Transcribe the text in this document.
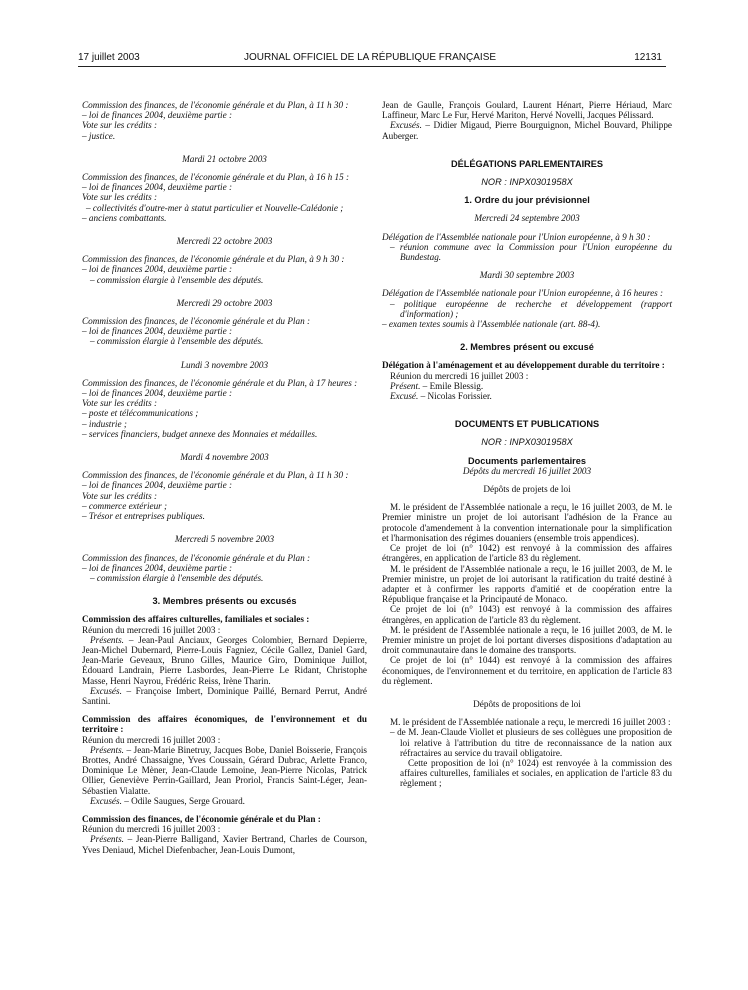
17 juillet 2003	JOURNAL OFFICIEL DE LA RÉPUBLIQUE FRANÇAISE	12131

Commission des finances, de l'économie générale et du Plan, à 11 h 30 :

– loi de finances 2004, deuxième partie :

Vote sur les crédits :

– justice.

Mardi 21 octobre 2003

Commission des finances, de l'économie générale et du Plan, à 16 h 15 :

– loi de finances 2004, deuxième partie :

Vote sur les crédits :

– collectivités d'outre-mer à statut particulier et Nouvelle-Calédonie ;

– anciens combattants.

Mercredi 22 octobre 2003

Commission des finances, de l'économie générale et du Plan, à 9 h 30 :

– loi de finances 2004, deuxième partie :

– commission élargie à l'ensemble des députés.

Mercredi 29 octobre 2003

Commission des finances, de l'économie générale et du Plan :

– loi de finances 2004, deuxième partie :

– commission élargie à l'ensemble des députés.

Lundi 3 novembre 2003

Commission des finances, de l'économie générale et du Plan, à 17 heures :

– loi de finances 2004, deuxième partie :

Vote sur les crédits :

– poste et télécommunications ;

– industrie ;

– services financiers, budget annexe des Monnaies et médailles.

Mardi 4 novembre 2003

Commission des finances, de l'économie générale et du Plan, à 11 h 30 :

– loi de finances 2004, deuxième partie :

Vote sur les crédits :

– commerce extérieur ;

– Trésor et entreprises publiques.

Mercredi 5 novembre 2003

Commission des finances, de l'économie générale et du Plan :

– loi de finances 2004, deuxième partie :

– commission élargie à l'ensemble des députés.

3. Membres présents ou excusés

Commission des affaires culturelles, familiales et sociales :

Réunion du mercredi 16 juillet 2003 :

Présents. – Jean-Paul Anciaux, Georges Colombier, Bernard Depierre, Jean-Michel Dubernard, Pierre-Louis Fagniez, Cécile Gallez, Daniel Gard, Jean-Marie Geveaux, Bruno Gilles, Maurice Giro, Dominique Juillot, Édouard Landrain, Pierre Lasbordes, Jean-Pierre Le Ridant, Christophe Masse, Henri Nayrou, Frédéric Reiss, Irène Tharin.

Excusés. – Françoise Imbert, Dominique Paillé, Bernard Perrut, André Santini.

Commission des affaires économiques, de l'environnement et du territoire :

Réunion du mercredi 16 juillet 2003 :

Présents. – Jean-Marie Binetruy, Jacques Bobe, Daniel Boisserie, François Brottes, André Chassaigne, Yves Coussain, Gérard Dubrac, Arlette Franco, Dominique Le Mèner, Jean-Claude Lemoine, Jean-Pierre Nicolas, Patrick Ollier, Geneviève Perrin-Gaillard, Jean Proriol, Francis Saint-Léger, Jean-Sébastien Vialatte.

Excusés. – Odile Saugues, Serge Grouard.

Commission des finances, de l'économie générale et du Plan :

Réunion du mercredi 16 juillet 2003 :

Présents. – Jean-Pierre Balligand, Xavier Bertrand, Charles de Courson, Yves Deniaud, Michel Diefenbacher, Jean-Louis Dumont,

Jean de Gaulle, François Goulard, Laurent Hénart, Pierre Hériaud, Marc Laffineur, Marc Le Fur, Hervé Mariton, Hervé Novelli, Jacques Pélissard.

Excusés. – Didier Migaud, Pierre Bourguignon, Michel Bouvard, Philippe Auberger.

DÉLÉGATIONS PARLEMENTAIRES

NOR : INPX0301958X

1. Ordre du jour prévisionnel

Mercredi 24 septembre 2003

Délégation de l'Assemblée nationale pour l'Union européenne, à 9 h 30 :

– réunion commune avec la Commission pour l'Union européenne du Bundestag.

Mardi 30 septembre 2003

Délégation de l'Assemblée nationale pour l'Union européenne, à 16 heures :

– politique européenne de recherche et développement (rapport d'information) ;

– examen textes soumis à l'Assemblée nationale (art. 88-4).

2. Membres présent ou excusé

Délégation à l'aménagement et au développement durable du territoire :

Réunion du mercredi 16 juillet 2003 :

Présent. – Emile Blessig.

Excusé. – Nicolas Forissier.

DOCUMENTS ET PUBLICATIONS

NOR : INPX0301958X

Documents parlementaires

Dépôts du mercredi 16 juillet 2003

Dépôts de projets de loi

M. le président de l'Assemblée nationale a reçu, le 16 juillet 2003, de M. le Premier ministre un projet de loi autorisant l'adhésion de la France au protocole d'amendement à la convention internationale pour la simplification et l'harmonisation des régimes douaniers (ensemble trois appendices).

Ce projet de loi (n° 1042) est renvoyé à la commission des affaires étrangères, en application de l'article 83 du règlement.

M. le président de l'Assemblée nationale a reçu, le 16 juillet 2003, de M. le Premier ministre, un projet de loi autorisant la ratification du traité destiné à adapter et à confirmer les rapports d'amitié et de coopération entre la République française et la Principauté de Monaco.

Ce projet de loi (n° 1043) est renvoyé à la commission des affaires étrangères, en application de l'article 83 du règlement.

M. le président de l'Assemblée nationale a reçu, le 16 juillet 2003, de M. le Premier ministre un projet de loi portant diverses dispositions d'adaptation au droit communautaire dans le domaine des transports.

Ce projet de loi (n° 1044) est renvoyé à la commission des affaires économiques, de l'environnement et du territoire, en application de l'article 83 du règlement.

Dépôts de propositions de loi

M. le président de l'Assemblée nationale a reçu, le mercredi 16 juillet 2003 :

– de M. Jean-Claude Viollet et plusieurs de ses collègues une proposition de loi relative à l'attribution du titre de reconnaissance de la nation aux réfractaires au service du travail obligatoire.

Cette proposition de loi (n° 1024) est renvoyée à la commission des affaires culturelles, familiales et sociales, en application de l'article 83 du règlement ;
